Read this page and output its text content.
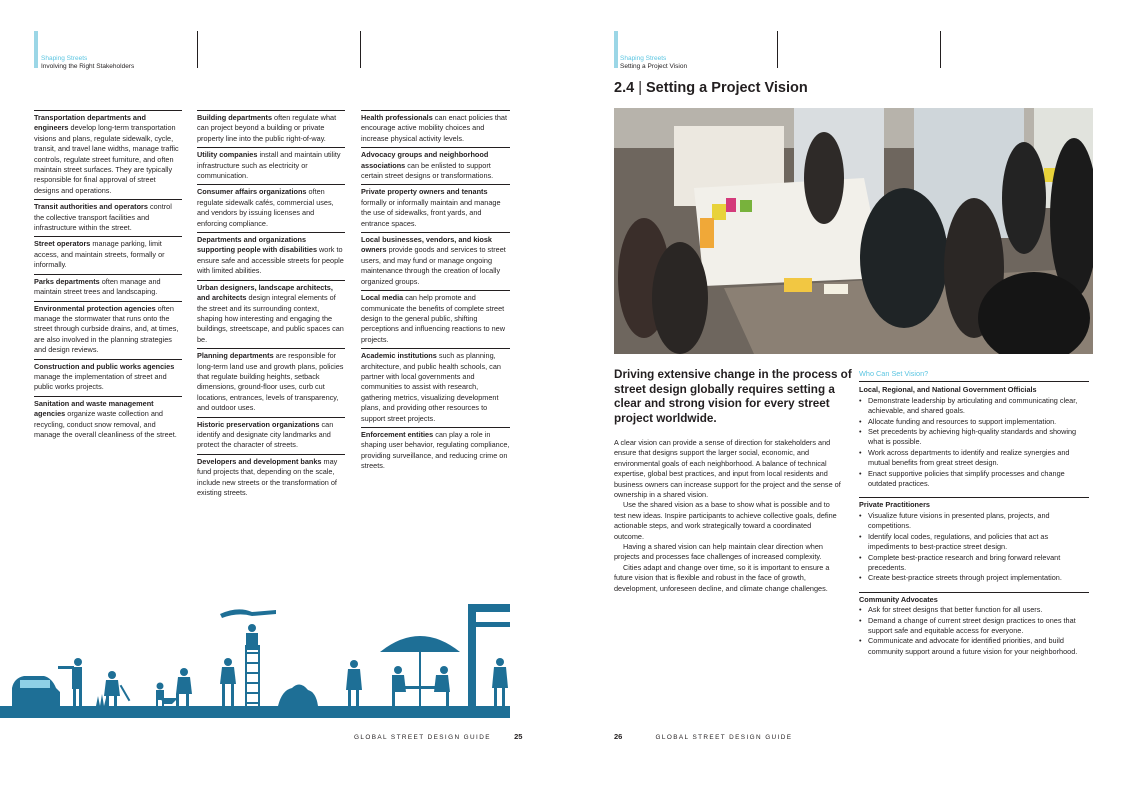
Shaping Streets
Involving the Right Stakeholders
Transportation departments and engineers develop long-term transportation visions and plans, regulate sidewalk, cycle, transit, and travel lane widths, manage traffic controls, regulate street furniture, and often maintain street surfaces. They are typically responsible for final approval of street designs and operations.
Transit authorities and operators control the collective transport facilities and infrastructure within the street.
Street operators manage parking, limit access, and maintain streets, formally or informally.
Parks departments often manage and maintain street trees and landscaping.
Environmental protection agencies often manage the stormwater that runs onto the street through curbside drains, and, at times, are also involved in the planning strategies and design reviews.
Construction and public works agencies manage the implementation of street and public works projects.
Sanitation and waste management agencies organize waste collection and recycling, conduct snow removal, and manage the overall cleanliness of the street.
Building departments often regulate what can project beyond a building or private property line into the public right-of-way.
Utility companies install and maintain utility infrastructure such as electricity or communication.
Consumer affairs organizations often regulate sidewalk cafés, commercial uses, and vendors by issuing licenses and enforcing compliance.
Departments and organizations supporting people with disabilities work to ensure safe and accessible streets for people with limited abilities.
Urban designers, landscape architects, and architects design integral elements of the street and its surrounding context, shaping how interesting and engaging the buildings, streetscape, and public spaces can be.
Planning departments are responsible for long-term land use and growth plans, policies that regulate building heights, setback dimensions, ground-floor uses, curb cut locations, entrances, levels of transparency, and outdoor uses.
Historic preservation organizations can identify and designate city landmarks and protect the character of streets.
Developers and development banks may fund projects that, depending on the scale, include new streets or the transformation of existing streets.
Health professionals can enact policies that encourage active mobility choices and increase physical activity levels.
Advocacy groups and neighborhood associations can be enlisted to support certain street designs or transformations.
Private property owners and tenants formally or informally maintain and manage the use of sidewalks, front yards, and entrance spaces.
Local businesses, vendors, and kiosk owners provide goods and services to street users, and may fund or manage ongoing maintenance through the creation of locally organized groups.
Local media can help promote and communicate the benefits of complete street design to the general public, shifting perceptions and influencing reactions to new projects.
Academic institutions such as planning, architecture, and public health schools, can partner with local governments and communities to assist with research, gathering metrics, visualizing development plans, and providing other resources to support street projects.
Enforcement entities can play a role in shaping user behavior, regulating compliance, providing surveillance, and reducing crime on streets.
GLOBAL STREET DESIGN GUIDE	25
Shaping Streets
Setting a Project Vision
2.4 | Setting a Project Vision
Driving extensive change in the process of street design globally requires setting a clear and strong vision for every street project worldwide.

A clear vision can provide a sense of direction for stakeholders and ensure that designs support the larger social, economic, and environmental goals of each neighborhood. A balance of technical expertise, global best practices, and input from local residents and business owners can increase support for the project and the sense of ownership in a shared vision.

Use the shared vision as a base to show what is possible and to test new ideas. Inspire participants to achieve collective goals, define actionable steps, and work strategically toward a coordinated outcome.

Having a shared vision can help maintain clear direction when projects and processes face challenges of increased complexity.

Cities adapt and change over time, so it is important to ensure a future vision that is flexible and robust in the face of growth, development, unforeseen decline, and climate change challenges.

Who Can Set Vision?
Local, Regional, and National Government Officials
• Demonstrate leadership by articulating and communicating clear, achievable, and shared goals.
• Allocate funding and resources to support implementation.
• Set precedents by achieving high-quality standards and showing what is possible.
• Work across departments to identify and realize synergies and mutual benefits from great street design.
• Enact supportive policies that simplify processes and change outdated practices.
Private Practitioners
• Visualize future visions in presented plans, projects, and competitions.
• Identify local codes, regulations, and policies that act as impediments to best-practice street design.
• Complete best-practice research and bring forward relevant precedents.
• Create best-practice streets through project implementation.
Community Advocates
• Ask for street designs that better function for all users.
• Demand a change of current street design practices to ones that support safe and equitable access for everyone.
• Communicate and advocate for identified priorities, and build community support around a future vision for your neighborhood.
26	GLOBAL STREET DESIGN GUIDE
